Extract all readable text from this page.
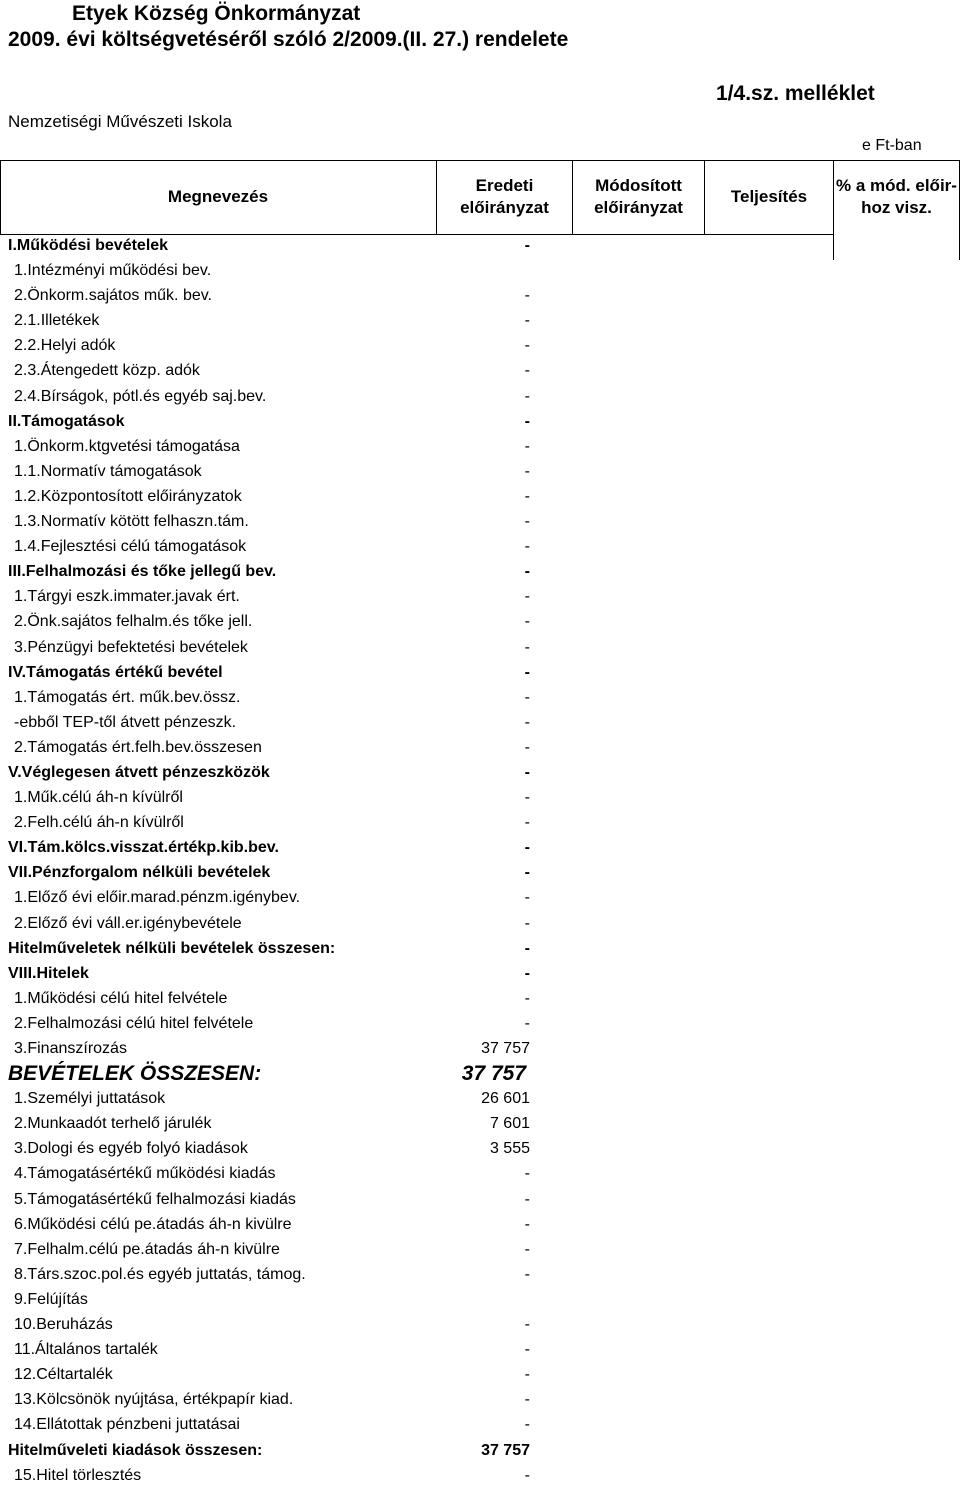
Etyek Község Önkormányzat
2009. évi költségvetéséről szóló 2/2009.(II. 27.) rendelete
1/4.sz. melléklet
Nemzetiségi Művészeti Iskola
e Ft-ban
Megnevezés
Eredeti
előirányzat
Módosított
előirányzat
Teljesítés
% a mód. előir-
hoz visz.
I.Működési bevételek	-
1.Intézményi működési bev.
2.Önkorm.sajátos műk. bev.	-
2.1.Illetékek	-
2.2.Helyi adók	-
2.3.Átengedett közp. adók	-
2.4.Bírságok, pótl.és egyéb saj.bev.	-
II.Támogatások	-
1.Önkorm.ktgvetési támogatása	-
1.1.Normatív támogatások	-
1.2.Központosított előirányzatok	-
1.3.Normatív kötött felhaszn.tám.	-
1.4.Fejlesztési célú támogatások	-
III.Felhalmozási és tőke jellegű bev.	-
1.Tárgyi eszk.immater.javak ért.	-
2.Önk.sajátos felhalm.és tőke jell.	-
3.Pénzügyi befektetési bevételek	-
IV.Támogatás értékű bevétel	-
1.Támogatás ért. műk.bev.össz.	-
-ebből TEP-től átvett pénzeszk.	-
2.Támogatás ért.felh.bev.összesen	-
V.Véglegesen átvett pénzeszközök	-
1.Műk.célú áh-n kívülről	-
2.Felh.célú áh-n kívülről	-
VI.Tám.kölcs.visszat.értékp.kib.bev.	-
VII.Pénzforgalom nélküli bevételek	-
1.Előző évi előir.marad.pénzm.igénybev.	-
2.Előző évi váll.er.igénybevétele	-
Hitelműveletek nélküli bevételek összesen:	-
VIII.Hitelek	-
1.Működési célú hitel felvétele	-
2.Felhalmozási célú hitel felvétele	-
3.Finanszírozás	37 757
BEVÉTELEK ÖSSZESEN:	37 757
1.Személyi juttatások	26 601
2.Munkaadót terhelő járulék	7 601
3.Dologi és egyéb folyó kiadások	3 555
4.Támogatásértékű működési kiadás	-
5.Támogatásértékű felhalmozási kiadás	-
6.Működési célú pe.átadás áh-n kivülre	-
7.Felhalm.célú pe.átadás áh-n kivülre	-
8.Társ.szoc.pol.és egyéb juttatás, támog.	-
9.Felújítás
10.Beruházás	-
11.Általános tartalék	-
12.Céltartalék	-
13.Kölcsönök nyújtása, értékpapír kiad.	-
14.Ellátottak pénzbeni juttatásai	-
Hitelműveleti kiadások összesen:	37 757
15.Hitel törlesztés	-
